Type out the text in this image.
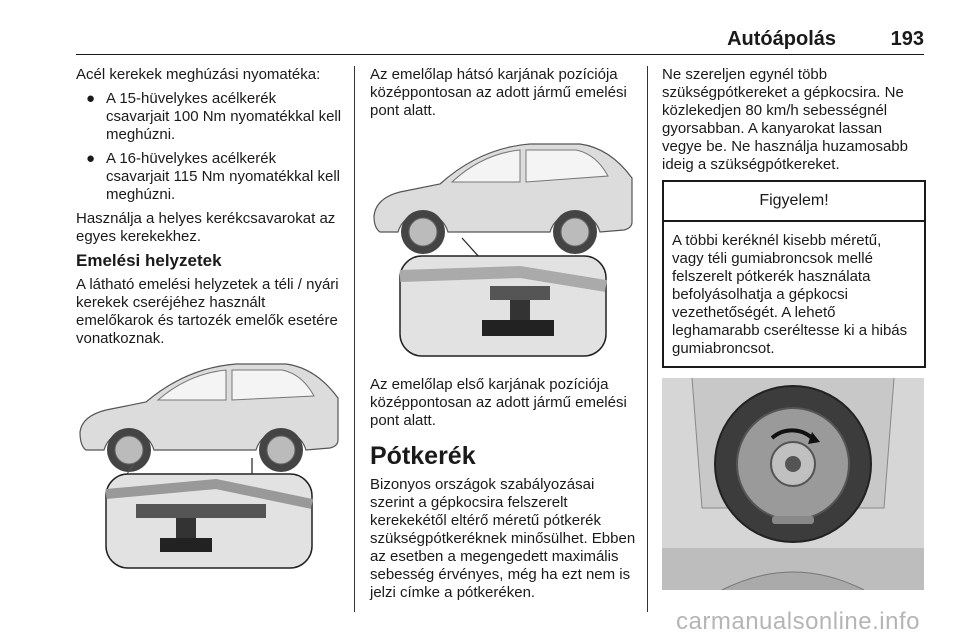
Autóápolás	193

Acél kerekek meghúzási nyomatéka:

● A 15-hüvelykes acélkerék csavarjait 100 Nm nyomatékkal kell meghúzni.
● A 16-hüvelykes acélkerék csavarjait 115 Nm nyomatékkal kell meghúzni.

Használja a helyes kerékcsavarokat az egyes kerekekhez.

Emelési helyzetek

A látható emelési helyzetek a téli / nyári kerekek cseréjéhez használt emelőkarok és tartozék emelők esetére vonatkoznak.

Az emelőlap hátsó karjának pozíciója középpontosan az adott jármű emelési pont alatt.

Az emelőlap első karjának pozíciója középpontosan az adott jármű emelési pont alatt.

Pótkerék

Bizonyos országok szabályozásai szerint a gépkocsira felszerelt kerekekétől eltérő méretű pótkerék szükségpótkeréknek minősülhet. Ebben az esetben a megengedett maximális sebesség érvényes, még ha ezt nem is jelzi címke a pótkeréken.

Ne szereljen egynél több szükségpótkereket a gépkocsira. Ne közlekedjen 80 km/h sebességnél gyorsabban. A kanyarokat lassan vegye be. Ne használja huzamosabb ideig a szükségpótkereket.

Figyelem!
A többi keréknél kisebb méretű, vagy téli gumiabroncsok mellé felszerelt pótkerék használata befolyásolhatja a gépkocsi vezethetőségét. A lehető leghamarabb cseréltesse ki a hibás gumiabroncsot.
carmanualsonline.info
